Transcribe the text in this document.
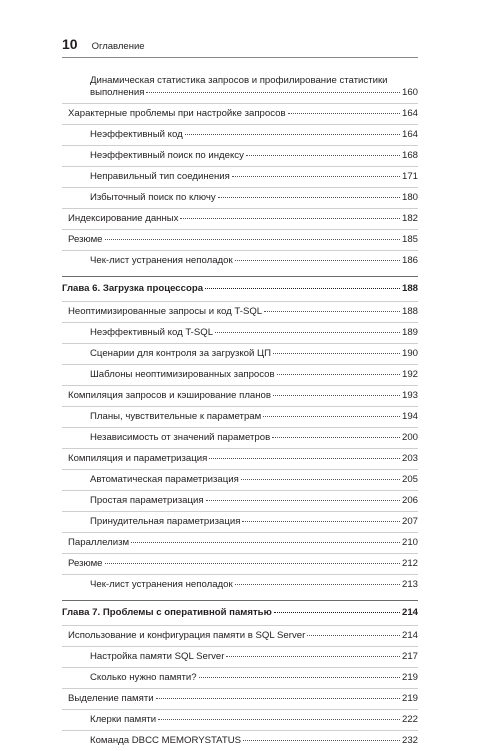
10 Оглавление
Динамическая статистика запросов и профилирование статистики
выполнения	160
Характерные проблемы при настройке запросов	164
Неэффективный код	164
Неэффективный поиск по индексу	168
Неправильный тип соединения	171
Избыточный поиск по ключу	180
Индексирование данных	182
Резюме	185
Чек-лист устранения неполадок	186
Глава 6. Загрузка процессора	188
Неоптимизированные запросы и код T-SQL	188
Неэффективный код T-SQL	189
Сценарии для контроля за загрузкой ЦП	190
Шаблоны неоптимизированных запросов	192
Компиляция запросов и кэширование планов	193
Планы, чувствительные к параметрам	194
Независимость от значений параметров	200
Компиляция и параметризация	203
Автоматическая параметризация	205
Простая параметризация	206
Принудительная параметризация	207
Параллелизм	210
Резюме	212
Чек-лист устранения неполадок	213
Глава 7. Проблемы с оперативной памятью	214
Использование и конфигурация памяти в SQL Server	214
Настройка памяти SQL Server	217
Сколько нужно памяти?	219
Выделение памяти	219
Клерки памяти	222
Команда DBCC MEMORYSTATUS	232
